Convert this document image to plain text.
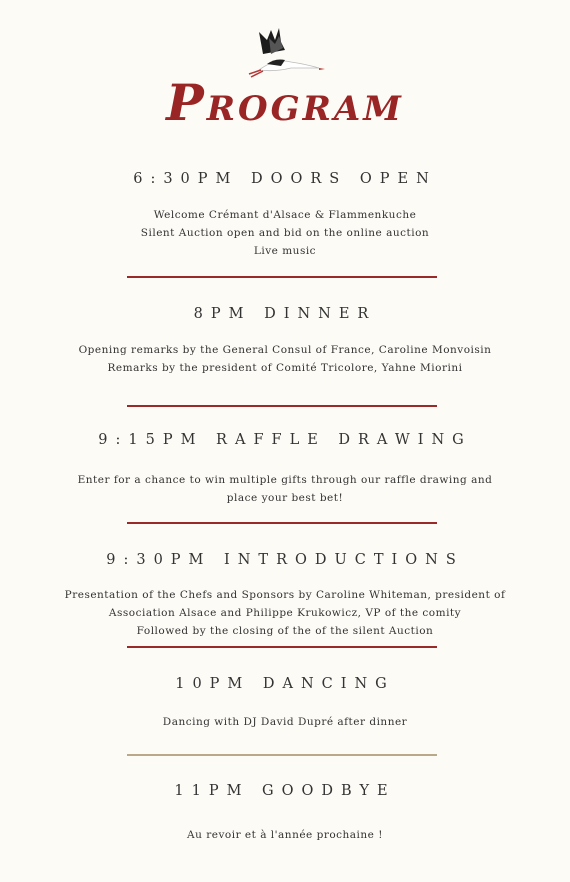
PROGRAM
6:30PM DOORS OPEN
Welcome Crémant d'Alsace & Flammenkuche
Silent Auction open and bid on the online auction
Live music
8PM DINNER
Opening remarks by the General Consul of France, Caroline Monvoisin
Remarks by the president of Comité Tricolore, Yahne Miorini
9:15PM RAFFLE DRAWING
Enter for a chance to win multiple gifts through our raffle drawing and
place your best bet!
9:30PM INTRODUCTIONS
Presentation of the Chefs and Sponsors by Caroline Whiteman, president of
Association Alsace and Philippe Krukowicz, VP of the comity
Followed by the closing of the of the silent Auction
10PM DANCING
Dancing with DJ David Dupré after dinner
11PM GOODBYE
Au revoir et à l'année prochaine !
